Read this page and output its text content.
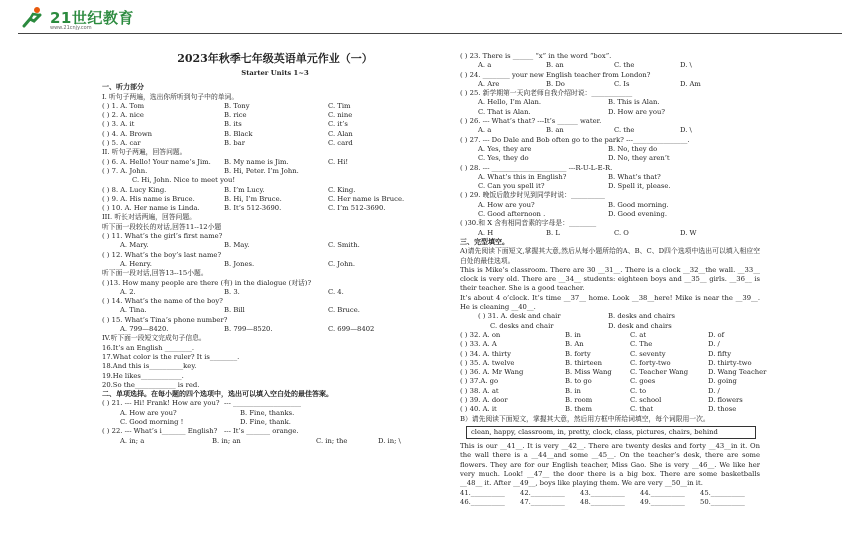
21世纪教育
www.21cnjy.com
2023年秋季七年级英语单元作业（一）
Starter Units 1~3
一、听力部分
I. 听句子两遍，选出你所听到句子中的单词。
( ) 1. A. Tom	B. Tony	C. Tim
( ) 2. A. nice	B. rice	C. nine
( ) 3. A. it	B. its	C. it’s
( ) 4. A. Brown	B. Black	C. Alan
( ) 5. A. car	B. bar	C. card
II. 听句子两遍，回答问题。
( ) 6. A. Hello! Your name’s Jim.	B. My name is Jim.	C. Hi!
( ) 7. A. John.	B. Hi, Peter. I’m John.
C. Hi, John. Nice to meet you!
( ) 8. A. Lucy King.	B. I’m Lucy.	C. King.
( ) 9. A. His name is Bruce.	B. Hi, I’m Bruce.	C. Her name is Bruce.
( ) 10. A. Her name is Linda.	B. It’s 512-3690.	C. I’m 512-3690.
III. 听长对话两遍，回答问题。
听下面一段较长的对话,回答11--12小题
( ) 11. What’s the girl’s first name?
A. Mary.	B. May.	C. Smith.
( ) 12. What’s the boy’s last name?
A. Henry.	B. Jones.	C. John.
听下面一段对话,回答13--15小题。
( )13. How many people are there (有) in the dialogue (对话)?
A. 2.	B. 3.	C. 4.
( ) 14. What’s the name of the boy?
A. Tina.	B. Bill	C. Bruce.
( ) 15. What’s Tina’s phone number?
A. 799—8420.	B. 799—8520.	C. 699—8402
IV.听下面一段短文完成句子信息。
16.It’s an English ________.
17.What color is the ruler? It is________.
18.And this is__________key.
19.He likes____________.
20.So the____________ is red.
二、单项选择。在每小题的四个选项中，选出可以填入空白处的最佳答案。
( ) 21. --- Hi! Frank! How are you? --- ____________________
A. How are you?	B. Fine, thanks.
C. Good morning !	D. Fine, thank.
( ) 22. --- What’s i_______ English? --- It’s _______ orange.
A. in; a	B. in; an	C. in; the	D. in; \
( ) 23. There is ______ “x” in the word “box”.
A. a	B. an	C. the	D. \
( ) 24. ________ your new English teacher from London?
A. Are	B. Do	C. Is	D. Am
( ) 25. 新学期第一天向老师自我介绍时说：____________
A. Hello, I’m Alan.	B. This is Alan.
C. That is Alan.	D. How are you?
( ) 26. --- What’s that? ---It’s ______ water.
A. a	B. an	C. the	D. \
( ) 27. --- Do Dale and Bob often go to the park? ---________________.
A. Yes, they are	B. No, they do
C. Yes, they do	D. No, they aren’t
( ) 28. --- ______________________ ---R-U-L-E-R.
A. What’s this in English?	B. What’s that?
C. Can you spell it?	D. Spell it, please.
( ) 29. 晚饭后散步时见到同学时说：__________
A. How are you?	B. Good morning.
C. Good afternoon .	D. Good evening.
( )30.和 X 含有相同音素的字母是：________
A. H	B. L	C. O	D. W
三、完型填空。
A)请先阅读下面短文,掌握其大意,然后从每小题所给的A、B、C、D四个选项中选出可以填入相应空白处的最佳选项。
This is Mike’s classroom. There are 30 __31__. There is a clock __32__the wall. __33__ clock is very old. There are __34__ students: eighteen boys and __35__ girls. __36__ is their teacher. She is a good teacher.
It’s about 4 o’clock. It’s time __37__ home. Look __38__here! Mike is near the __39__. He is cleaning __40__.
( ) 31. A. desk and chair	B. desks and chairs
C. desks and chair	D. desk and chairs
( ) 32. A. on	B. in	C. at	D. of
( ) 33. A. A	B. An	C. The	D. /
( ) 34. A. thirty	B. forty	C. seventy	D. fifty
( ) 35. A. twelve	B. thirteen	C. forty-two	D. thirty-two
( ) 36. A. Mr Wang	B. Miss Wang	C. Teacher Wang	D. Wang Teacher
( ) 37.A. go	B. to go	C. goes	D. going
( ) 38. A. at	B. in	C. to	D. /
( ) 39. A. door	B. room	C. school	D. flowers
( ) 40. A. it	B. them	C. that	D. those
B）请先阅读下面短文，掌握其大意，然后用方框中所给词填空，每个词限用一次。
clean, happy, classroom, in, pretty, clock, class, pictures, chairs, behind
This is our __41__. It is very __42__. There are twenty desks and forty __43__in it. On the wall there is a __44__and some __45__. On the teacher’s desk, there are some flowers. They are for our English teacher, Miss Gao. She is very __46__. We like her very much. Look! __47__ the door there is a big box. There are some basketballs __48__ it. After __49__, boys like playing them. We are very __50__in it.
41.__________	42.__________	43.__________	44.__________	45.__________
46.__________	47.__________	48.__________	49.__________	50.__________
